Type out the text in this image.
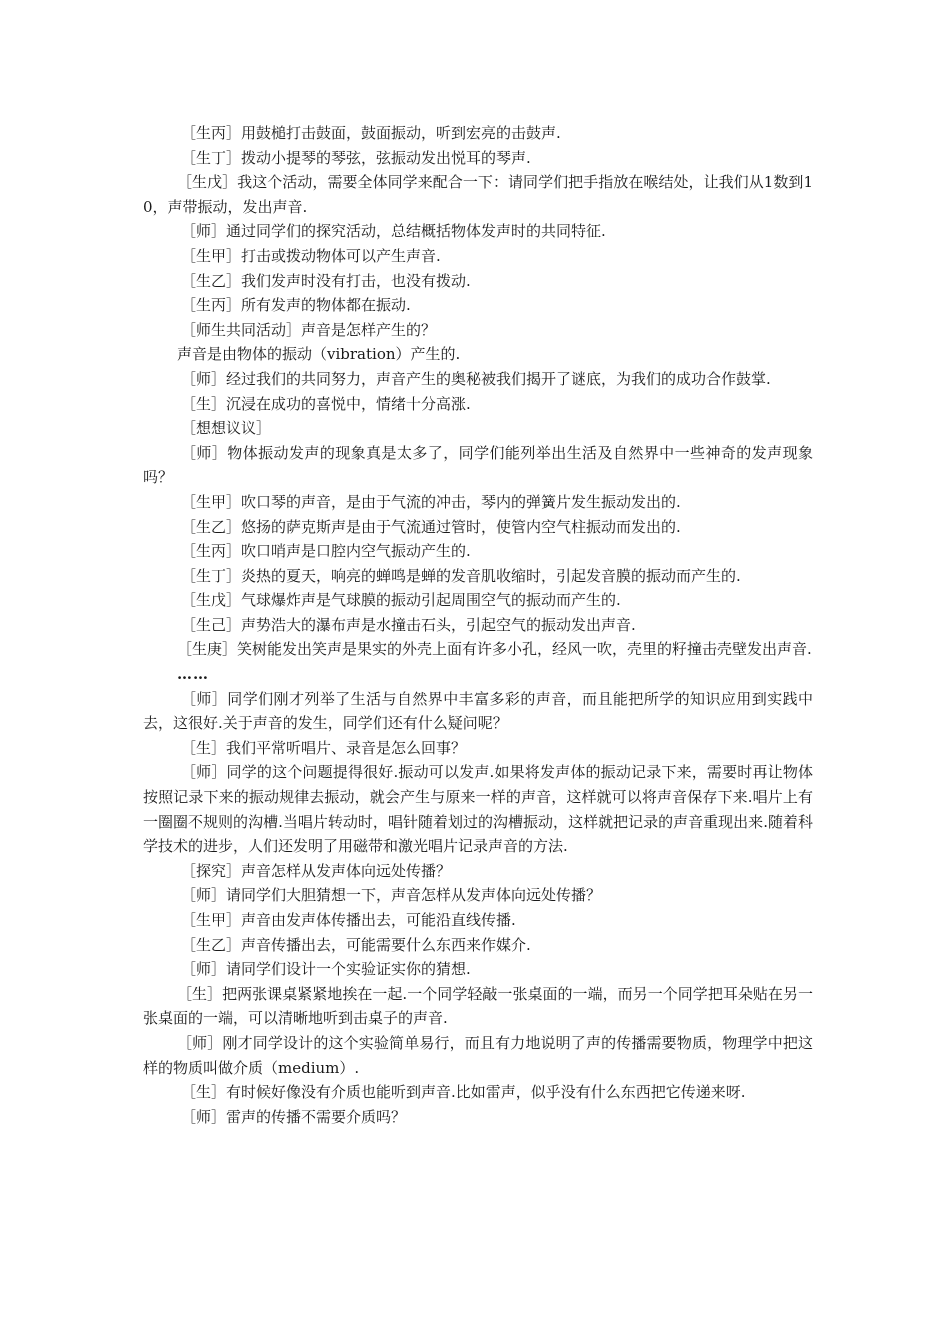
［生丙］用鼓槌打击鼓面，鼓面振动，听到宏亮的击鼓声.

［生丁］拨动小提琴的琴弦，弦振动发出悦耳的琴声.

［生戊］我这个活动，需要全体同学来配合一下：请同学们把手指放在喉结处，让我们从1数到10，声带振动，发出声音.

［师］通过同学们的探究活动，总结概括物体发声时的共同特征.

［生甲］打击或拨动物体可以产生声音.

［生乙］我们发声时没有打击，也没有拨动.

［生丙］所有发声的物体都在振动.

［师生共同活动］声音是怎样产生的？

声音是由物体的振动（vibration）产生的.

［师］经过我们的共同努力，声音产生的奥秘被我们揭开了谜底，为我们的成功合作鼓掌.

［生］沉浸在成功的喜悦中，情绪十分高涨.

［想想议议］

［师］物体振动发声的现象真是太多了，同学们能列举出生活及自然界中一些神奇的发声现象吗？

［生甲］吹口琴的声音，是由于气流的冲击，琴内的弹簧片发生振动发出的.

［生乙］悠扬的萨克斯声是由于气流通过管时，使管内空气柱振动而发出的.

［生丙］吹口哨声是口腔内空气振动产生的.

［生丁］炎热的夏天，响亮的蝉鸣是蝉的发音肌收缩时，引起发音膜的振动而产生的.

［生戊］气球爆炸声是气球膜的振动引起周围空气的振动而产生的.

［生己］声势浩大的瀑布声是水撞击石头，引起空气的振动发出声音.

［生庚］笑树能发出笑声是果实的外壳上面有许多小孔，经风一吹，壳里的籽撞击壳壁发出声音.

……

［师］同学们刚才列举了生活与自然界中丰富多彩的声音，而且能把所学的知识应用到实践中去，这很好.关于声音的发生，同学们还有什么疑问呢？

［生］我们平常听唱片、录音是怎么回事？

［师］同学的这个问题提得很好.振动可以发声.如果将发声体的振动记录下来，需要时再让物体按照记录下来的振动规律去振动，就会产生与原来一样的声音，这样就可以将声音保存下来.唱片上有一圈圈不规则的沟槽.当唱片转动时，唱针随着划过的沟槽振动，这样就把记录的声音重现出来.随着科学技术的进步，人们还发明了用磁带和激光唱片记录声音的方法.

［探究］声音怎样从发声体向远处传播？

［师］请同学们大胆猜想一下，声音怎样从发声体向远处传播？

［生甲］声音由发声体传播出去，可能沿直线传播.

［生乙］声音传播出去，可能需要什么东西来作媒介.

［师］请同学们设计一个实验证实你的猜想.

［生］把两张课桌紧紧地挨在一起.一个同学轻敲一张桌面的一端，而另一个同学把耳朵贴在另一张桌面的一端，可以清晰地听到击桌子的声音.

［师］刚才同学设计的这个实验简单易行，而且有力地说明了声的传播需要物质，物理学中把这样的物质叫做介质（medium）.

［生］有时候好像没有介质也能听到声音.比如雷声，似乎没有什么东西把它传递来呀.

［师］雷声的传播不需要介质吗？
